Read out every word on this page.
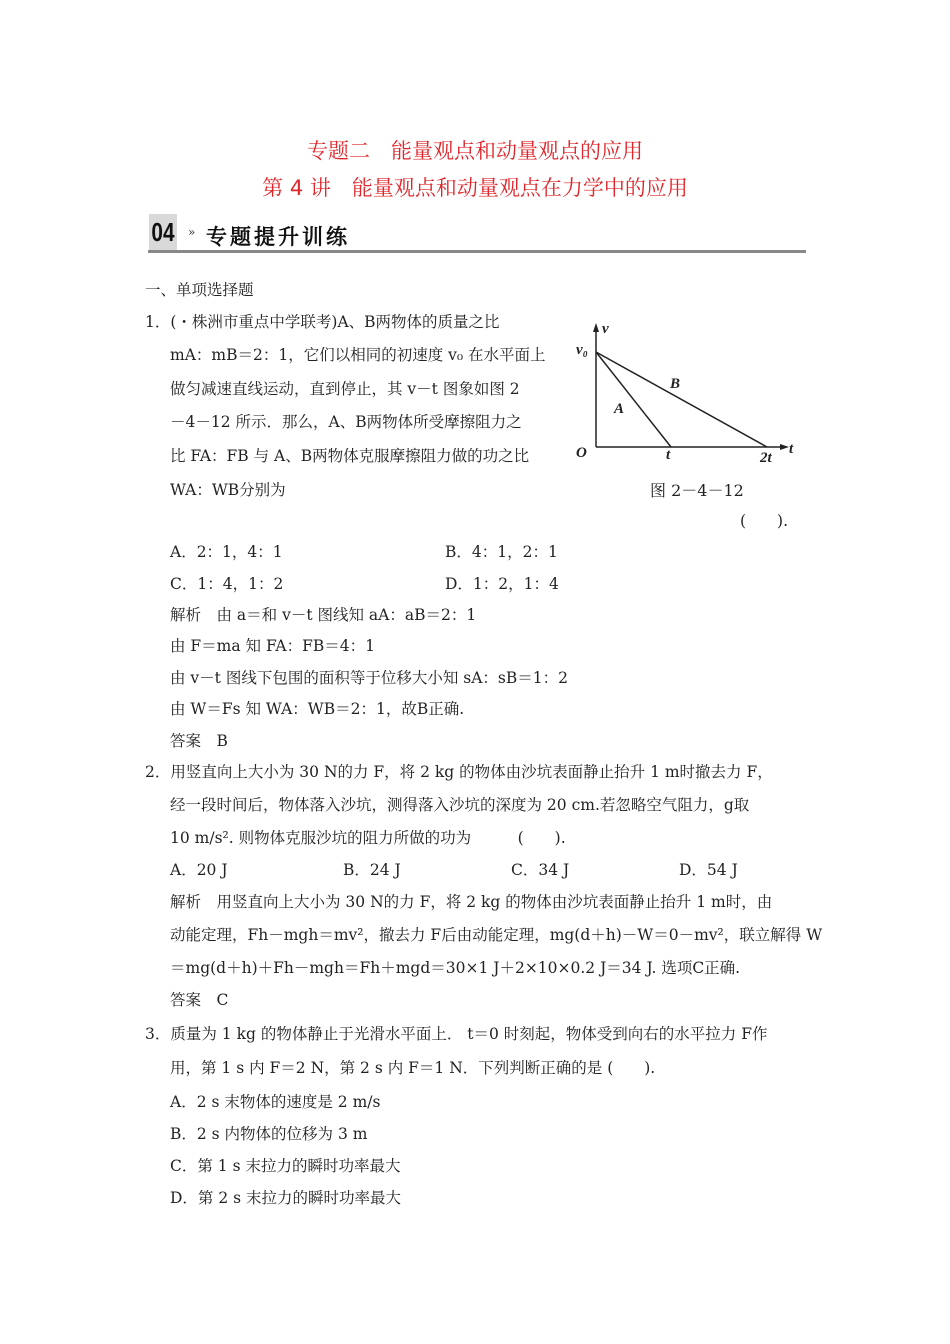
专题二　能量观点和动量观点的应用
第 4 讲　能量观点和动量观点在力学中的应用
04 » 专题提升训练
一、单项选择题
1．(・株洲市重点中学联考)A、B两物体的质量之比
mA：mB＝2：1，它们以相同的初速度 v₀ 在水平面上
做匀减速直线运动，直到停止，其 v－t 图象如图 2
－4－12 所示．那么，A、B两物体所受摩擦阻力之
比 FA：FB 与 A、B两物体克服摩擦阻力做的功之比
WA：WB分别为
v
v₀
B
A
O	t	2t
t
图 2－4－12
(　　).
A．2：1，4：1	B．4：1，2：1
C．1：4，1：2	D．1：2，1：4
解析　由 a＝和 v－t 图线知 aA：aB＝2：1
由 F＝ma 知 FA：FB＝4：1
由 v－t 图线下包围的面积等于位移大小知 sA：sB＝1：2
由 W＝Fs 知 WA：WB＝2：1，故B正确.
答案　B
2．用竖直向上大小为 30 N的力 F，将 2 kg 的物体由沙坑表面静止抬升 1 m时撤去力 F，
经一段时间后，物体落入沙坑，测得落入沙坑的深度为 20 cm.若忽略空气阻力，g取
10 m/s². 则物体克服沙坑的阻力所做的功为　　　(　　).
A．20 J	B．24 J	C．34 J	D．54 J
解析　用竖直向上大小为 30 N的力 F，将 2 kg 的物体由沙坑表面静止抬升 1 m时，由
动能定理，Fh－mgh＝mv²，撤去力 F后由动能定理，mg(d＋h)－W＝0－mv²，联立解得 W
＝mg(d＋h)＋Fh－mgh＝Fh＋mgd＝30×1 J＋2×10×0.2 J＝34 J. 选项C正确.
答案　C
3．质量为 1 kg 的物体静止于光滑水平面上． t＝0 时刻起，物体受到向右的水平拉力 F作
用，第 1 s 内 F＝2 N，第 2 s 内 F＝1 N．下列判断正确的是 (　　).
A．2 s 末物体的速度是 2 m/s
B．2 s 内物体的位移为 3 m
C．第 1 s 末拉力的瞬时功率最大
D．第 2 s 末拉力的瞬时功率最大
